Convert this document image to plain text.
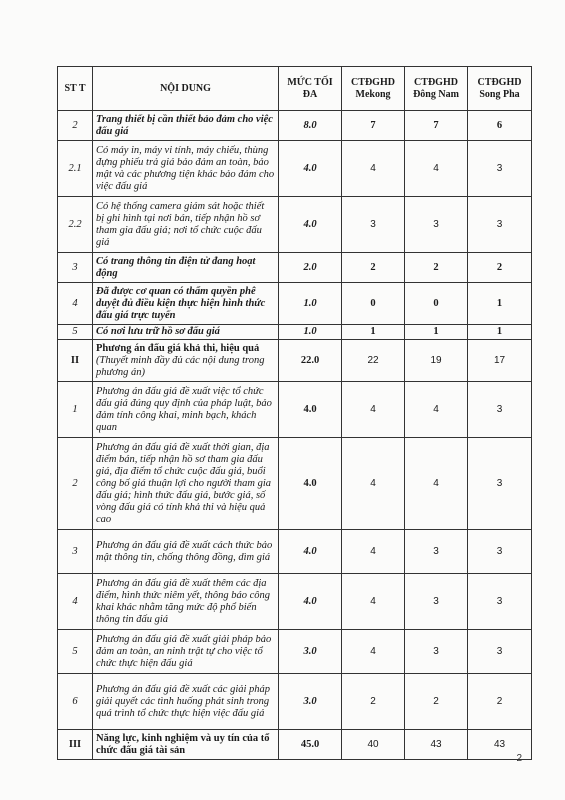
ST T	NỘI DUNG	MỨC TỐI ĐA	CTĐGHD Mekong	CTĐGHD Đông Nam	CTĐGHD Song Pha
2	Trang thiết bị cần thiết bảo đảm cho việc đấu giá	8.0	7	7	6
2.1	Có máy in, máy vi tính, máy chiếu, thùng đựng phiếu trả giá bảo đảm an toàn, bảo mật và các phương tiện khác bảo đảm cho việc đấu giá	4.0	4	4	3
2.2	Có hệ thống camera giám sát hoặc thiết bị ghi hình tại nơi bán, tiếp nhận hồ sơ tham gia đấu giá; nơi tổ chức cuộc đấu giá	4.0	3	3	3
3	Có trang thông tin điện tử đang hoạt động	2.0	2	2	2
4	Đã được cơ quan có thẩm quyền phê duyệt đủ điều kiện thực hiện hình thức đấu giá trực tuyến	1.0	0	0	1
5	Có nơi lưu trữ hồ sơ đấu giá	1.0	1	1	1
II	Phương án đấu giá khả thi, hiệu quả (Thuyết minh đầy đủ các nội dung trong phương án)	22.0	22	19	17
1	Phương án đấu giá đề xuất việc tổ chức đấu giá đúng quy định của pháp luật, bảo đảm tính công khai, minh bạch, khách quan	4.0	4	4	3
2	Phương án đấu giá đề xuất thời gian, địa điểm bán, tiếp nhận hồ sơ tham gia đấu giá, địa điểm tổ chức cuộc đấu giá, buổi công bố giá thuận lợi cho người tham gia đấu giá; hình thức đấu giá, bước giá, số vòng đấu giá có tính khả thi và hiệu quả cao	4.0	4	4	3
3	Phương án đấu giá đề xuất cách thức bảo mật thông tin, chống thông đồng, dìm giá	4.0	4	3	3
4	Phương án đấu giá đề xuất thêm các địa điểm, hình thức niêm yết, thông báo công khai khác nhằm tăng mức độ phổ biến thông tin đấu giá	4.0	4	3	3
5	Phương án đấu giá đề xuất giải pháp bảo đảm an toàn, an ninh trật tự cho việc tổ chức thực hiện đấu giá	3.0	4	3	3
6	Phương án đấu giá đề xuất các giải pháp giải quyết các tình huống phát sinh trong quá trình tổ chức thực hiện việc đấu giá	3.0	2	2	2
III	Năng lực, kinh nghiệm và uy tín của tổ chức đấu giá tài sản	45.0	40	43	43
2
